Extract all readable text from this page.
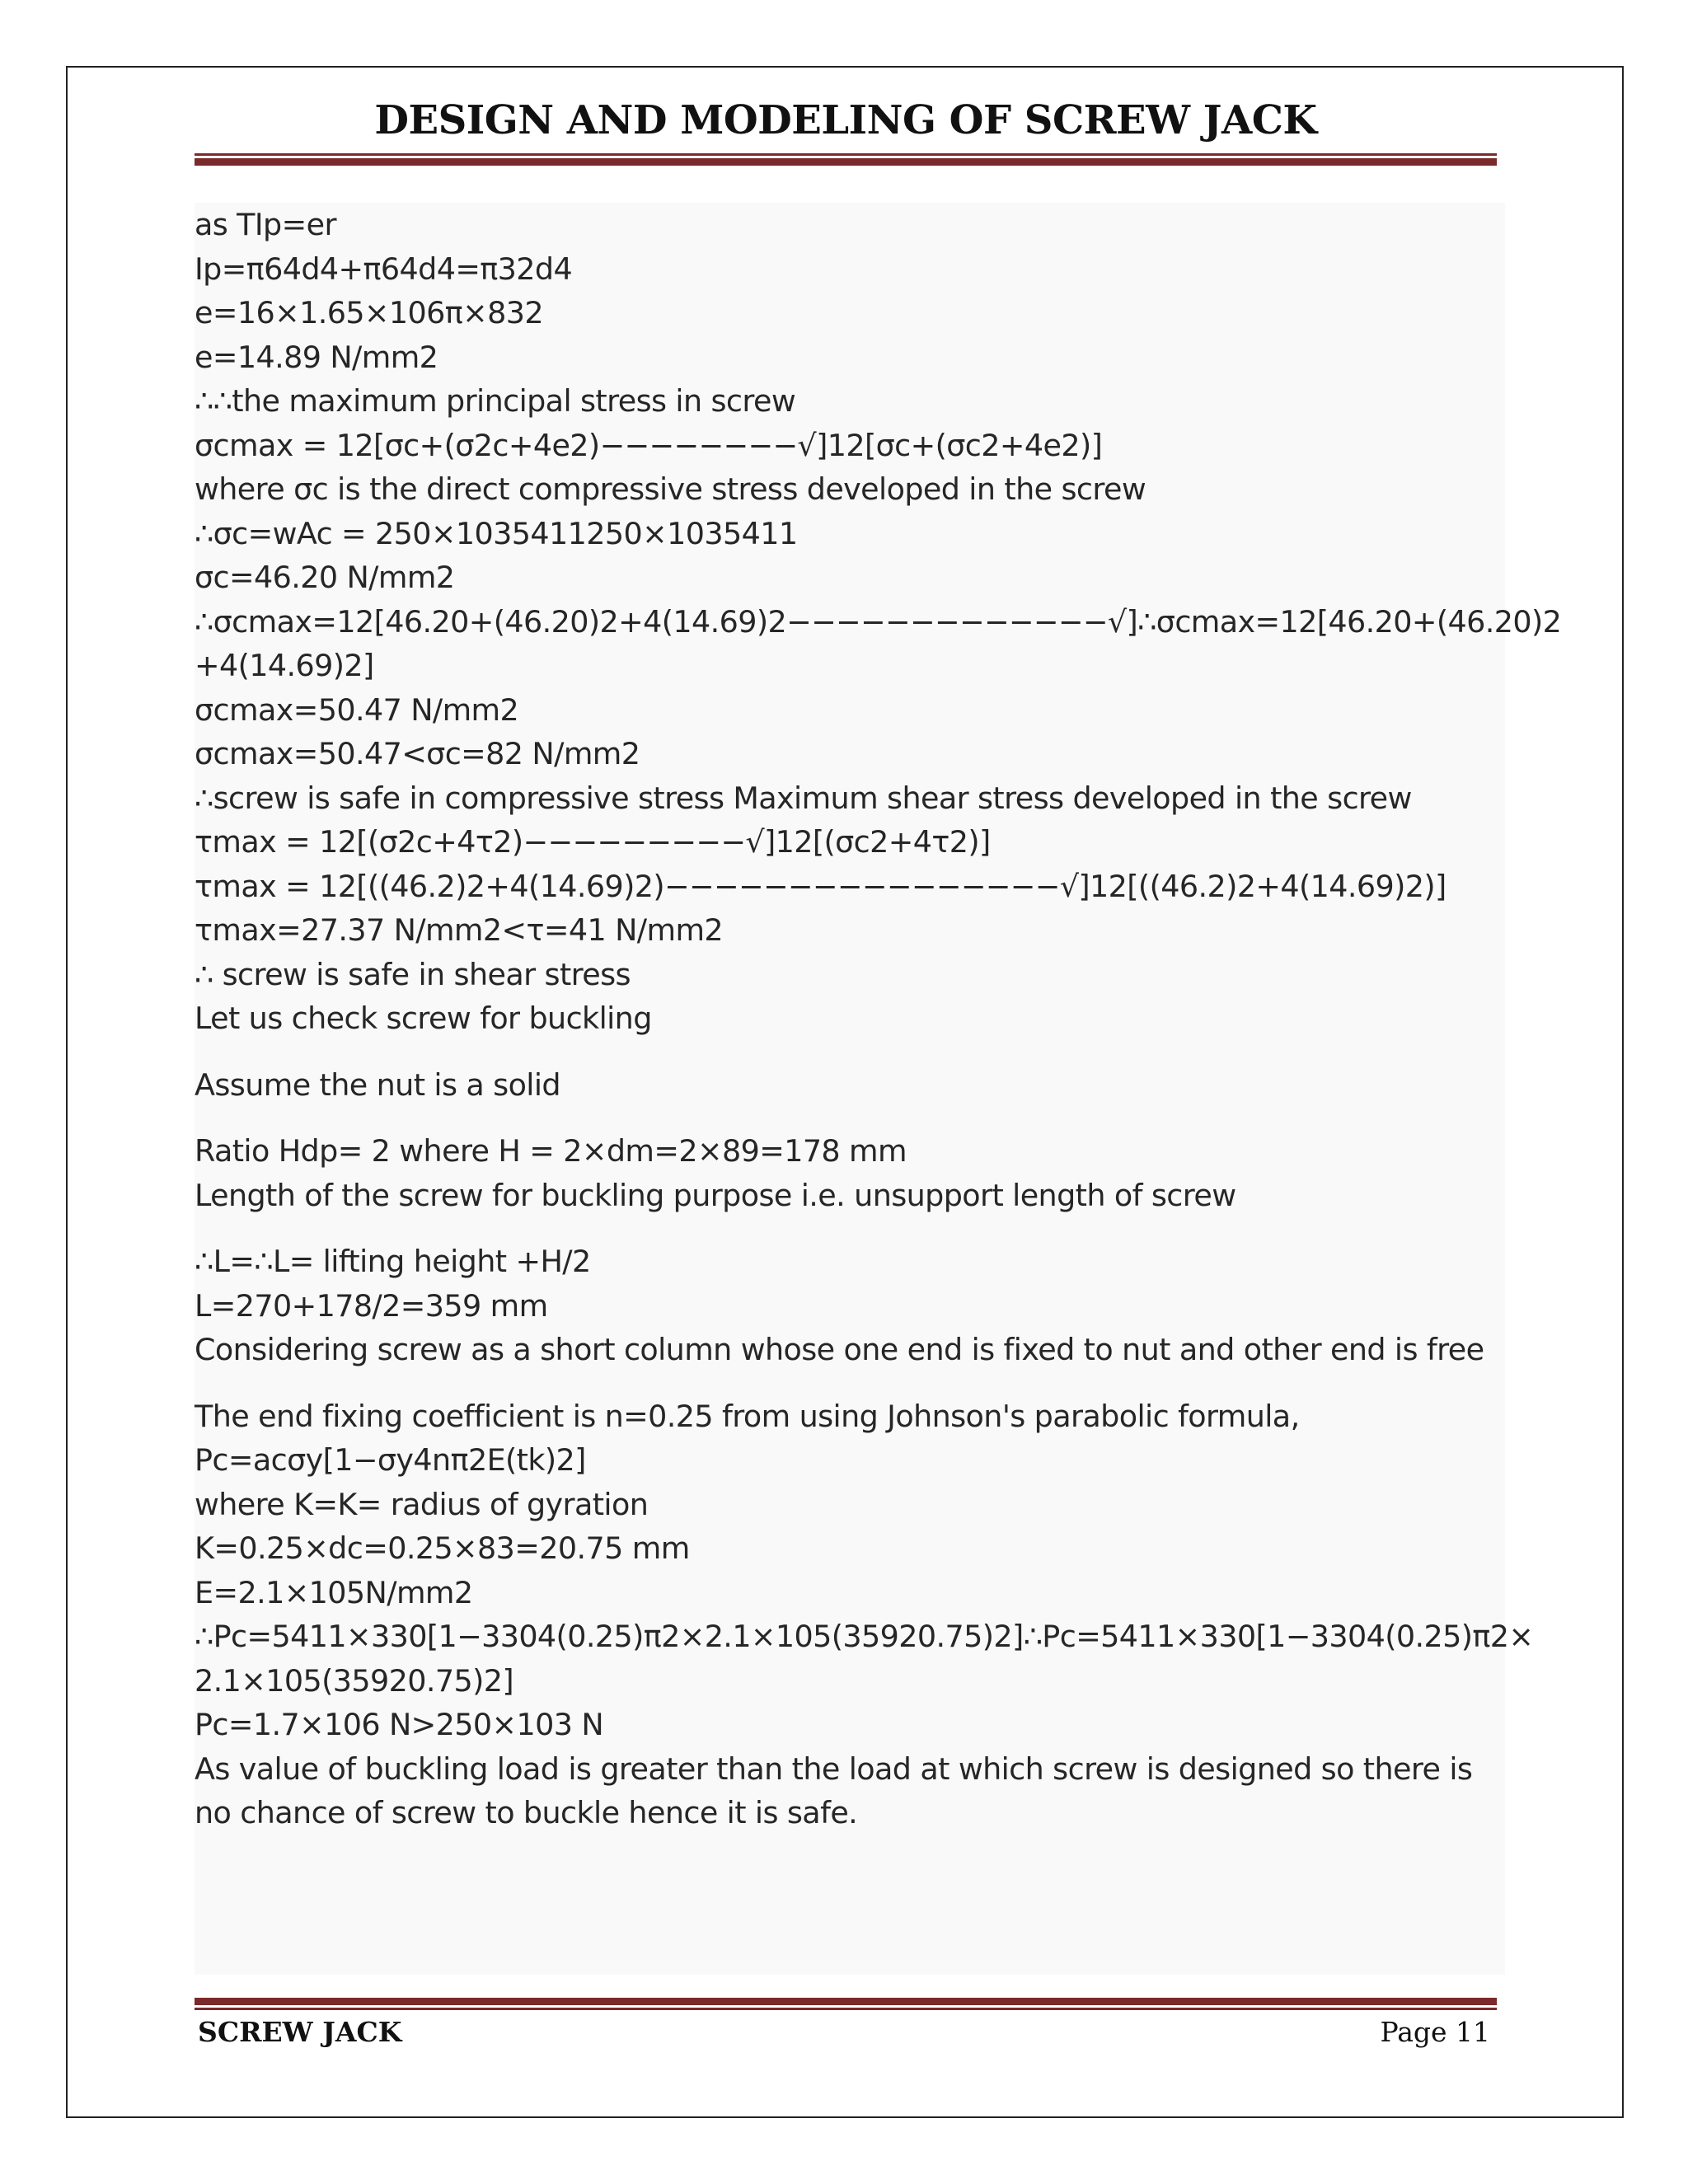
DESIGN AND MODELING OF SCREW JACK
as TIp=er
Ip=π64d4+π64d4=π32d4
e=16×1.65×106π×832
e=14.89 N/mm2
∴∴the maximum principal stress in screw
σcmax = 12[σc+(σ2c+4e2)−−−−−−−−√]12[σc+(σc2+4e2)]
where σc is the direct compressive stress developed in the screw
∴σc=wAc = 250×1035411250×1035411
σc=46.20 N/mm2
∴σcmax=12[46.20+(46.20)2+4(14.69)2−−−−−−−−−−−−−√]∴σcmax=12[46.20+(46.20)2
+4(14.69)2]
σcmax=50.47 N/mm2
σcmax=50.47<σc=82 N/mm2
∴screw is safe in compressive stress Maximum shear stress developed in the screw
τmax = 12[(σ2c+4τ2)−−−−−−−−−√]12[(σc2+4τ2)]
τmax = 12[((46.2)2+4(14.69)2)−−−−−−−−−−−−−−−−√]12[((46.2)2+4(14.69)2)]
τmax=27.37 N/mm2<τ=41 N/mm2
∴ screw is safe in shear stress
Let us check screw for buckling
Assume the nut is a solid
Ratio Hdp= 2 where H = 2×dm=2×89=178 mm
Length of the screw for buckling purpose i.e. unsupport length of screw
∴L=∴L= lifting height +H/2
L=270+178/2=359 mm
Considering screw as a short column whose one end is fixed to nut and other end is free
The end fixing coefficient is n=0.25 from using Johnson's parabolic formula,
Pc=acσy[1−σy4nπ2E(tk)2]
where K=K= radius of gyration
K=0.25×dc=0.25×83=20.75 mm
E=2.1×105N/mm2
∴Pc=5411×330[1−3304(0.25)π2×2.1×105(35920.75)2]∴Pc=5411×330[1−3304(0.25)π2×
2.1×105(35920.75)2]
Pc=1.7×106 N>250×103 N
As value of buckling load is greater than the load at which screw is designed so there is
no chance of screw to buckle hence it is safe.
SCREW JACK	Page 11
